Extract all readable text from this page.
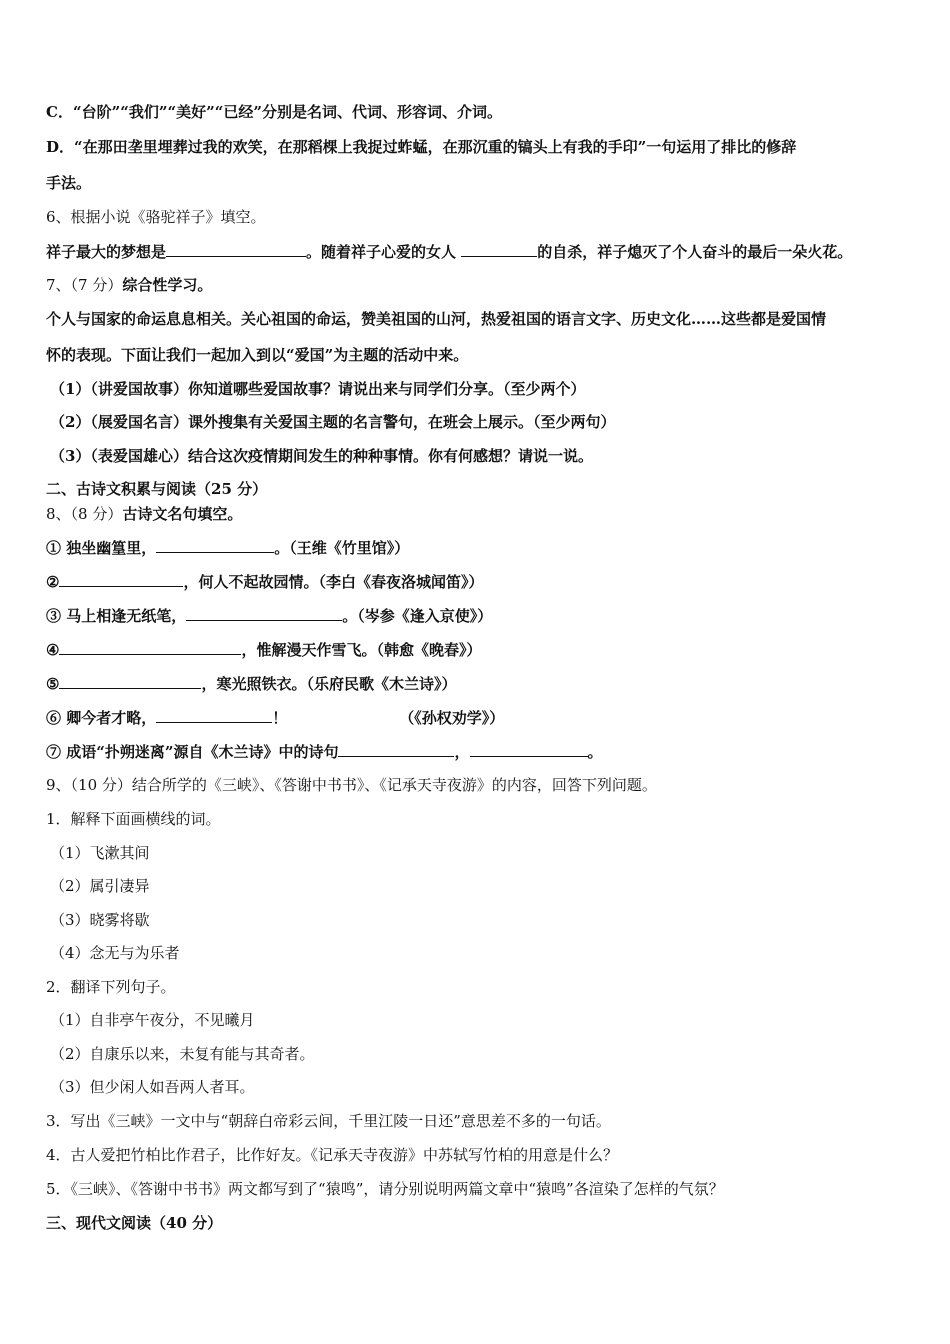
C．“台阶”“我们”“美好”“已经”分别是名词、代词、形容词、介词。
D．“在那田垄里埋葬过我的欢笑，在那稻棵上我捉过蚱蜢，在那沉重的镐头上有我的手印”一句运用了排比的修辞
手法。
6、根据小说《骆驼祥子》填空。
祥子最大的梦想是	。随着祥子心爱的女人	的自杀，祥子熄灭了个人奋斗的最后一朵火花。
7、（7 分）综合性学习。
个人与国家的命运息息相关。关心祖国的命运，赞美祖国的山河，热爱祖国的语言文字、历史文化……这些都是爱国情
怀的表现。下面让我们一起加入到以“爱国”为主题的活动中来。
（1）（讲爱国故事）你知道哪些爱国故事？请说出来与同学们分享。（至少两个）
（2）（展爱国名言）课外搜集有关爱国主题的名言警句，在班会上展示。（至少两句）
（3）（表爱国雄心）结合这次疫情期间发生的种种事情。你有何感想？请说一说。
二、古诗文积累与阅读（25 分）
8、（8 分）古诗文名句填空。
① 独坐幽篁里，	。（王维《竹里馆》）
②	，何人不起故园情。（李白《春夜洛城闻笛》）
③ 马上相逢无纸笔，	。（岑参《逢入京使》）
④	，惟解漫天作雪飞。（韩愈《晚春》）
⑤	，寒光照铁衣。（乐府民歌《木兰诗》）
⑥ 卿今者才略，	！	（《孙权劝学》）
⑦ 成语“扑朔迷离”源自《木兰诗》中的诗句	，	。
9、（10 分）结合所学的《三峡》、《答谢中书书》、《记承天寺夜游》的内容，回答下列问题。
1．解释下面画横线的词。
（1）飞漱其间
（2）属引凄异
（3）晓雾将歇
（4）念无与为乐者
2．翻译下列句子。
（1）自非亭午夜分，不见曦月
（2）自康乐以来，未复有能与其奇者。
（3）但少闲人如吾两人者耳。
3．写出《三峡》一文中与“朝辞白帝彩云间，千里江陵一日还”意思差不多的一句话。
4．古人爱把竹柏比作君子，比作好友。《记承天寺夜游》中苏轼写竹柏的用意是什么？
5．《三峡》、《答谢中书书》两文都写到了“猿鸣”，请分别说明两篇文章中“猿鸣”各渲染了怎样的气氛？
三、现代文阅读（40 分）
